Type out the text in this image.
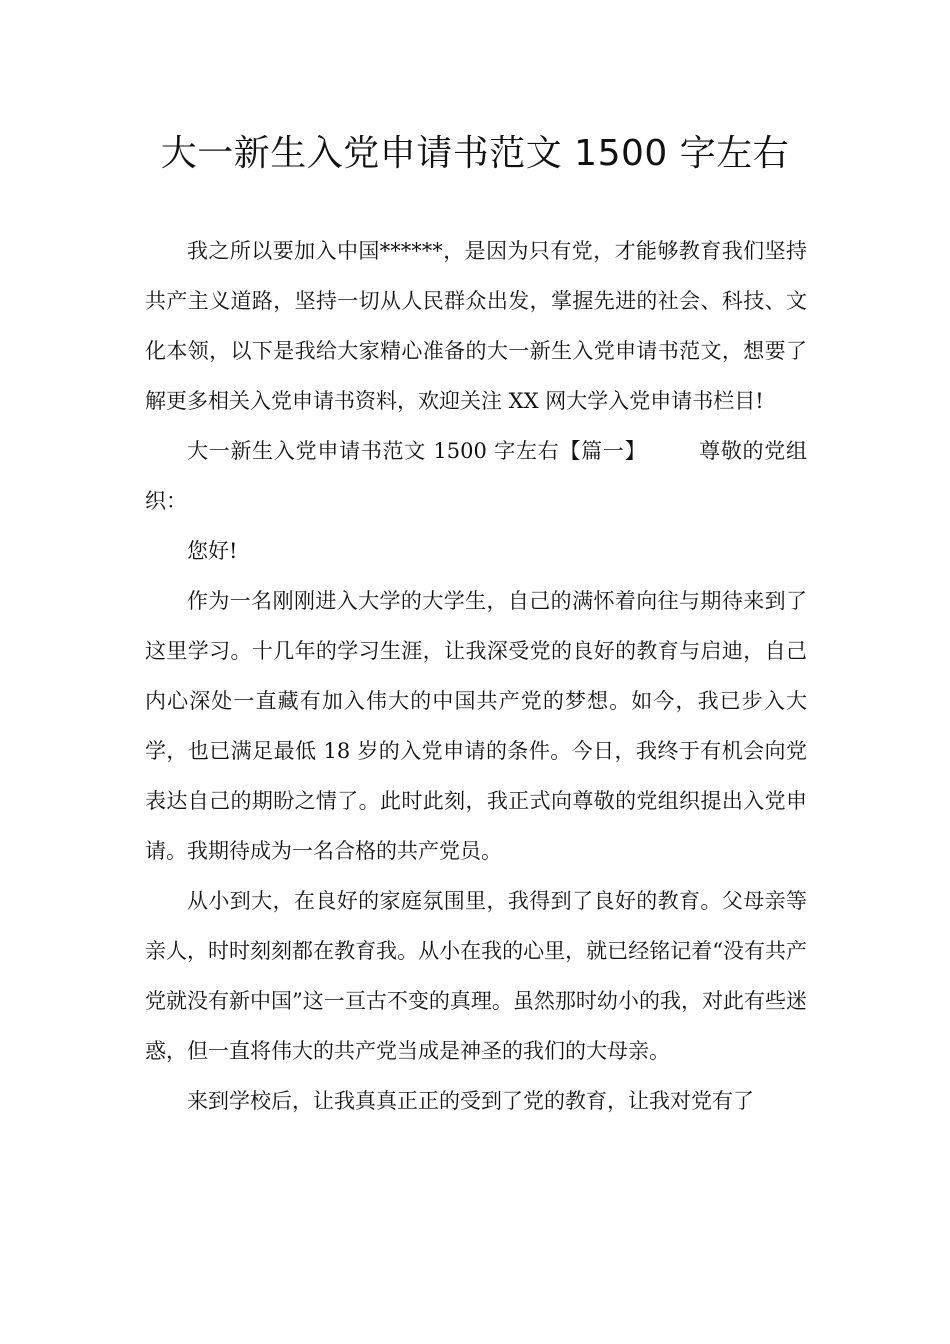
大一新生入党申请书范文 1500 字左右

我之所以要加入中国******，是因为只有党，才能够教育我们坚持共产主义道路，坚持一切从人民群众出发，掌握先进的社会、科技、文化本领，以下是我给大家精心准备的大一新生入党申请书范文，想要了解更多相关入党申请书资料，欢迎关注 XX 网大学入党申请书栏目!

大一新生入党申请书范文 1500 字左右【篇一】 尊敬的党组织：

您好!

作为一名刚刚进入大学的大学生，自己的满怀着向往与期待来到了这里学习。十几年的学习生涯，让我深受党的良好的教育与启迪，自己内心深处一直藏有加入伟大的中国共产党的梦想。如今，我已步入大学，也已满足最低 18 岁的入党申请的条件。今日，我终于有机会向党表达自己的期盼之情了。此时此刻，我正式向尊敬的党组织提出入党申请。我期待成为一名合格的共产党员。

从小到大，在良好的家庭氛围里，我得到了良好的教育。父母亲等亲人，时时刻刻都在教育我。从小在我的心里，就已经铭记着“没有共产党就没有新中国”这一亘古不变的真理。虽然那时幼小的我，对此有些迷惑，但一直将伟大的共产党当成是神圣的我们的大母亲。

来到学校后，让我真真正正的受到了党的教育，让我对党有了
